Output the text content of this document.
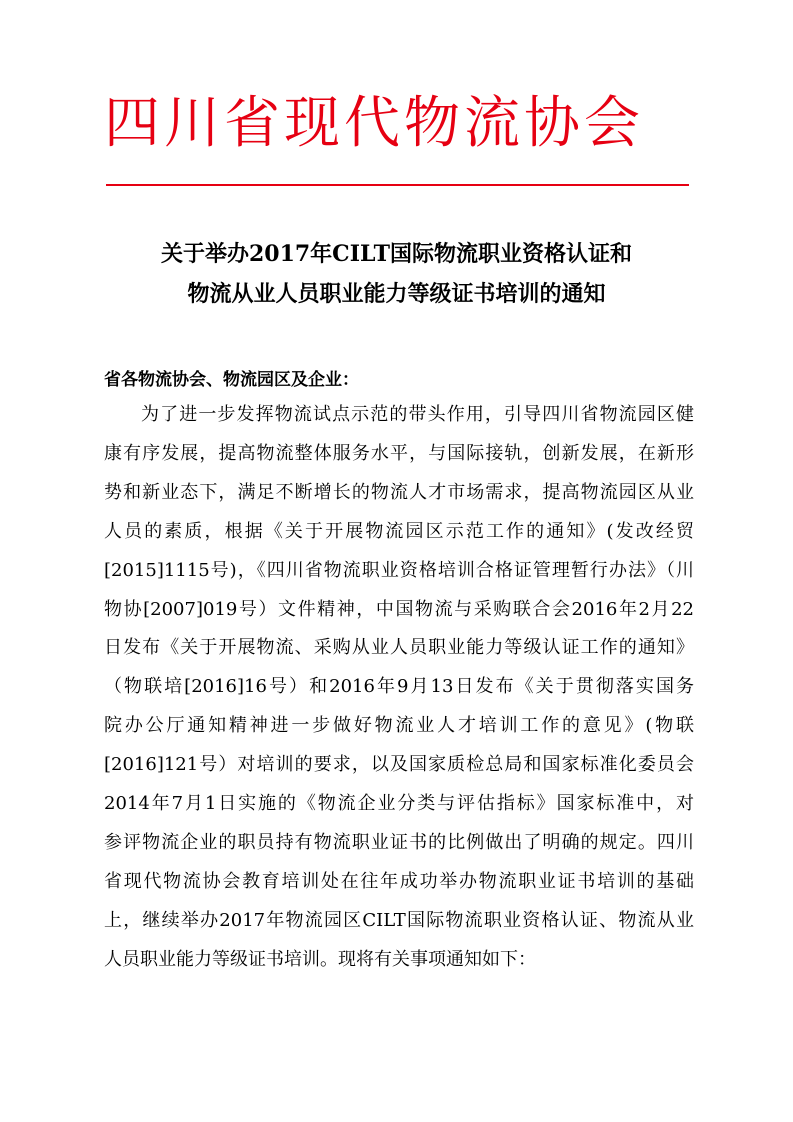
四川省现代物流协会
关于举办2017年CILT国际物流职业资格认证和
物流从业人员职业能力等级证书培训的通知
省各物流协会、物流园区及企业：
为了进一步发挥物流试点示范的带头作用，引导四川省物流园区健
康有序发展，提高物流整体服务水平，与国际接轨，创新发展，在新形
势和新业态下，满足不断增长的物流人才市场需求，提高物流园区从业
人员的素质，根据《关于开展物流园区示范工作的通知》(发改经贸
[2015]1115号)，《四川省物流职业资格培训合格证管理暂行办法》（川
物协[2007]019号）文件精神，中国物流与采购联合会2016年2月22
日发布《关于开展物流、采购从业人员职业能力等级认证工作的通知》
（物联培[2016]16号）和2016年9月13日发布《关于贯彻落实国务
院办公厅通知精神进一步做好物流业人才培训工作的意见》(物联
[2016]121号）对培训的要求，以及国家质检总局和国家标准化委员会
2014年7月1日实施的《物流企业分类与评估指标》国家标准中，对
参评物流企业的职员持有物流职业证书的比例做出了明确的规定。四川
省现代物流协会教育培训处在往年成功举办物流职业证书培训的基础
上，继续举办2017年物流园区CILT国际物流职业资格认证、物流从业
人员职业能力等级证书培训。现将有关事项通知如下：
